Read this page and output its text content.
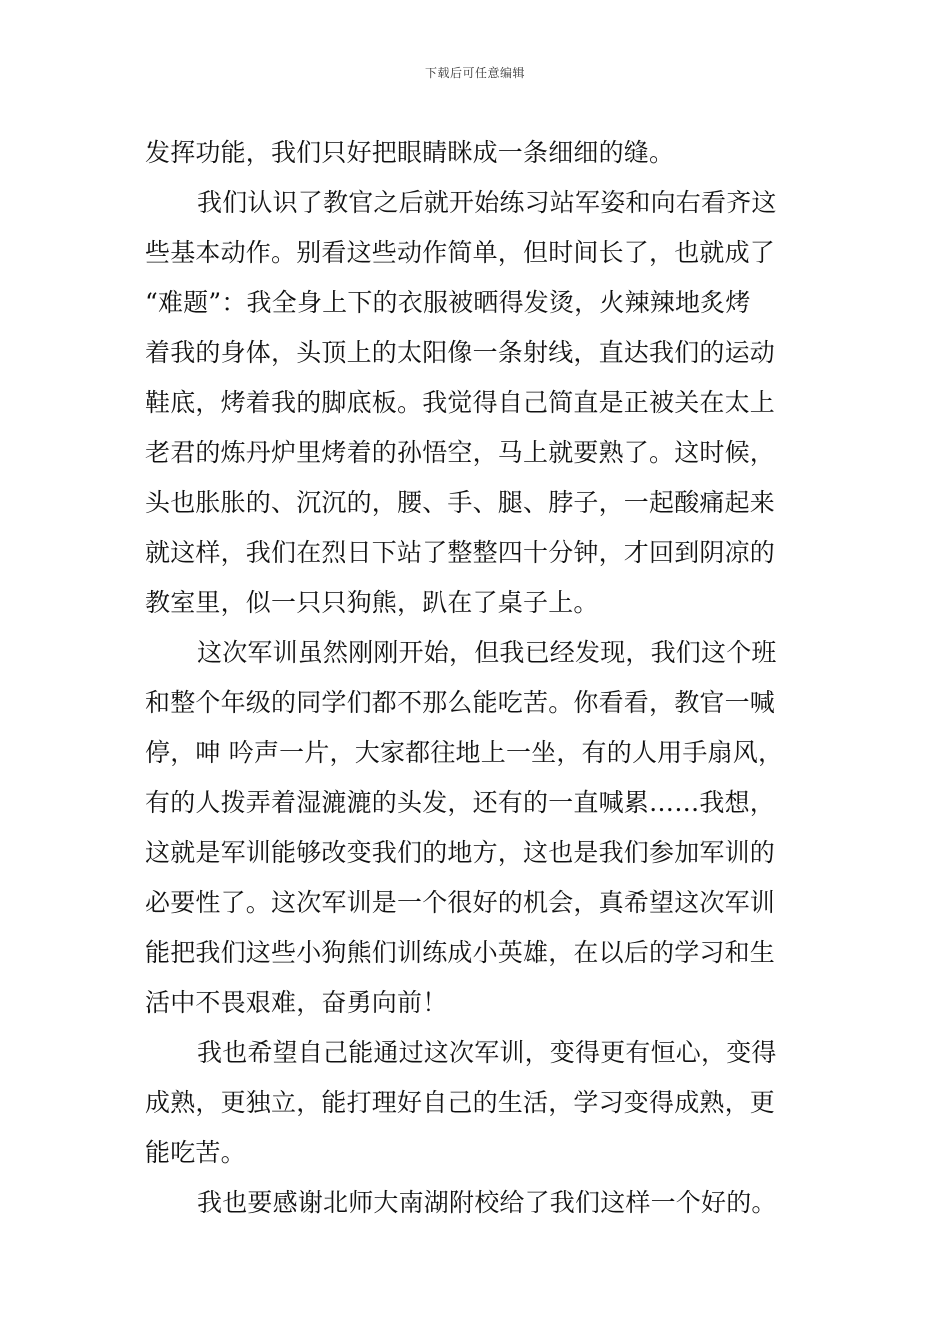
下载后可任意编辑
发挥功能，我们只好把眼睛眯成一条细细的缝。
我们认识了教官之后就开始练习站军姿和向右看齐这
些基本动作。别看这些动作简单，但时间长了，也就成了
“难题”：我全身上下的衣服被晒得发烫，火辣辣地炙烤
着我的身体，头顶上的太阳像一条射线，直达我们的运动
鞋底，烤着我的脚底板。我觉得自己简直是正被关在太上
老君的炼丹炉里烤着的孙悟空，马上就要熟了。这时候，
头也胀胀的、沉沉的，腰、手、腿、脖子，一起酸痛起来
就这样，我们在烈日下站了整整四十分钟，才回到阴凉的
教室里，似一只只狗熊，趴在了桌子上。
这次军训虽然刚刚开始，但我已经发现，我们这个班
和整个年级的同学们都不那么能吃苦。你看看，教官一喊
停，呻 吟声一片，大家都往地上一坐，有的人用手扇风，
有的人拨弄着湿漉漉的头发，还有的一直喊累……我想，
这就是军训能够改变我们的地方，这也是我们参加军训的
必要性了。这次军训是一个很好的机会，真希望这次军训
能把我们这些小狗熊们训练成小英雄，在以后的学习和生
活中不畏艰难，奋勇向前！
我也希望自己能通过这次军训，变得更有恒心，变得
成熟，更独立，能打理好自己的生活，学习变得成熟，更
能吃苦。
我也要感谢北师大南湖附校给了我们这样一个好的。
